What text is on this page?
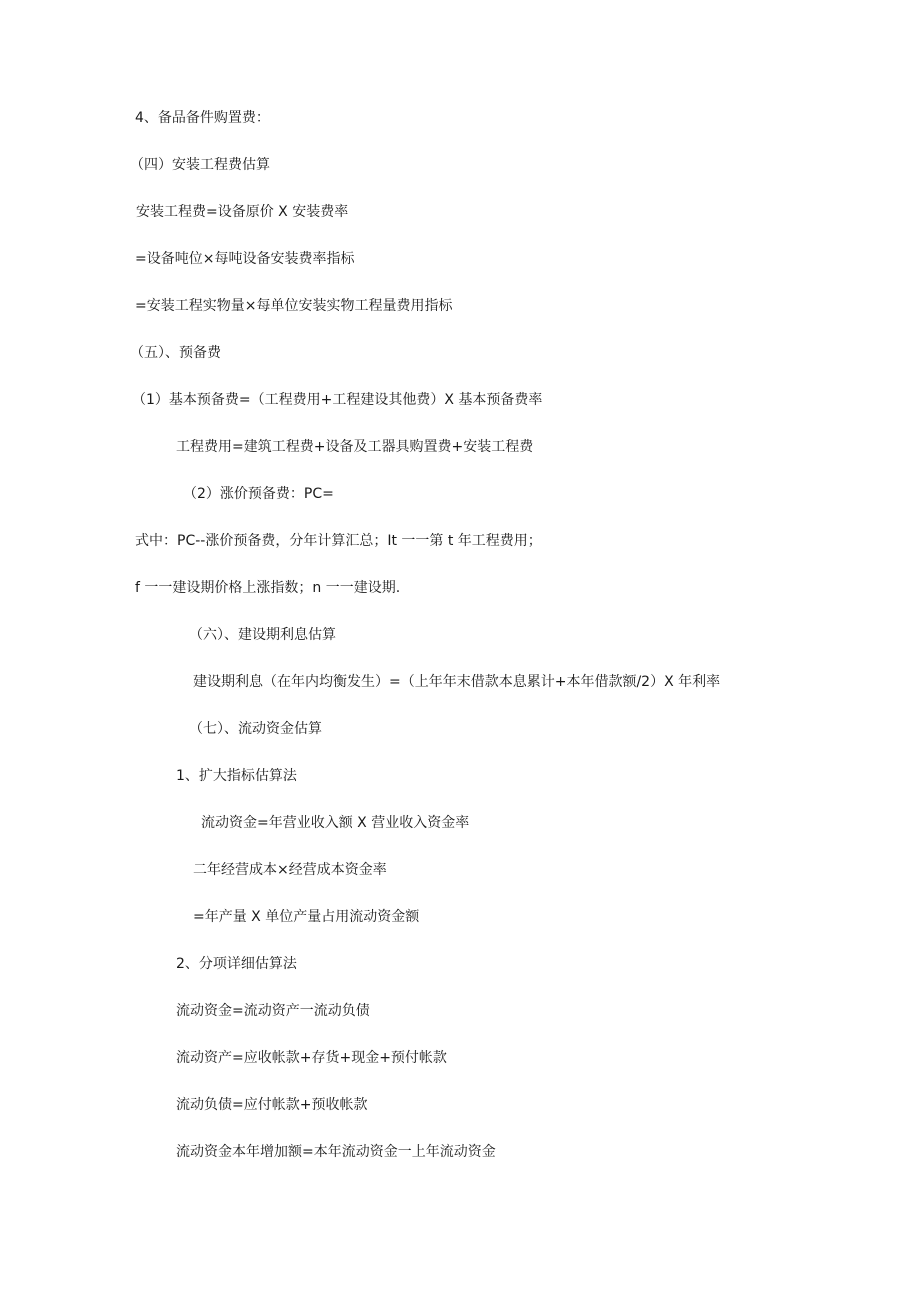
4、备品备件购置费：
（四）安装工程费估算
安装工程费=设备原价 X 安装费率
=设备吨位×每吨设备安装费率指标
=安装工程实物量×每单位安装实物工程量费用指标
（五）、预备费
（1）基本预备费=（工程费用+工程建设其他费）X 基本预备费率
工程费用=建筑工程费+设备及工器具购置费+安装工程费
（2）涨价预备费：PC=
式中：PC--涨价预备费，分年计算汇总；It 一一第 t 年工程费用；
f 一一建设期价格上涨指数；n 一一建设期.
（六）、建设期利息估算
建设期利息（在年内均衡发生）=（上年年末借款本息累计+本年借款额/2）X 年利率
（七）、流动资金估算
1、扩大指标估算法
流动资金=年营业收入额 X 营业收入资金率
二年经营成本×经营成本资金率
=年产量 X 单位产量占用流动资金额
2、分项详细估算法
流动资金=流动资产一流动负债
流动资产=应收帐款+存货+现金+预付帐款
流动负债=应付帐款+预收帐款
流动资金本年增加额=本年流动资金一上年流动资金
